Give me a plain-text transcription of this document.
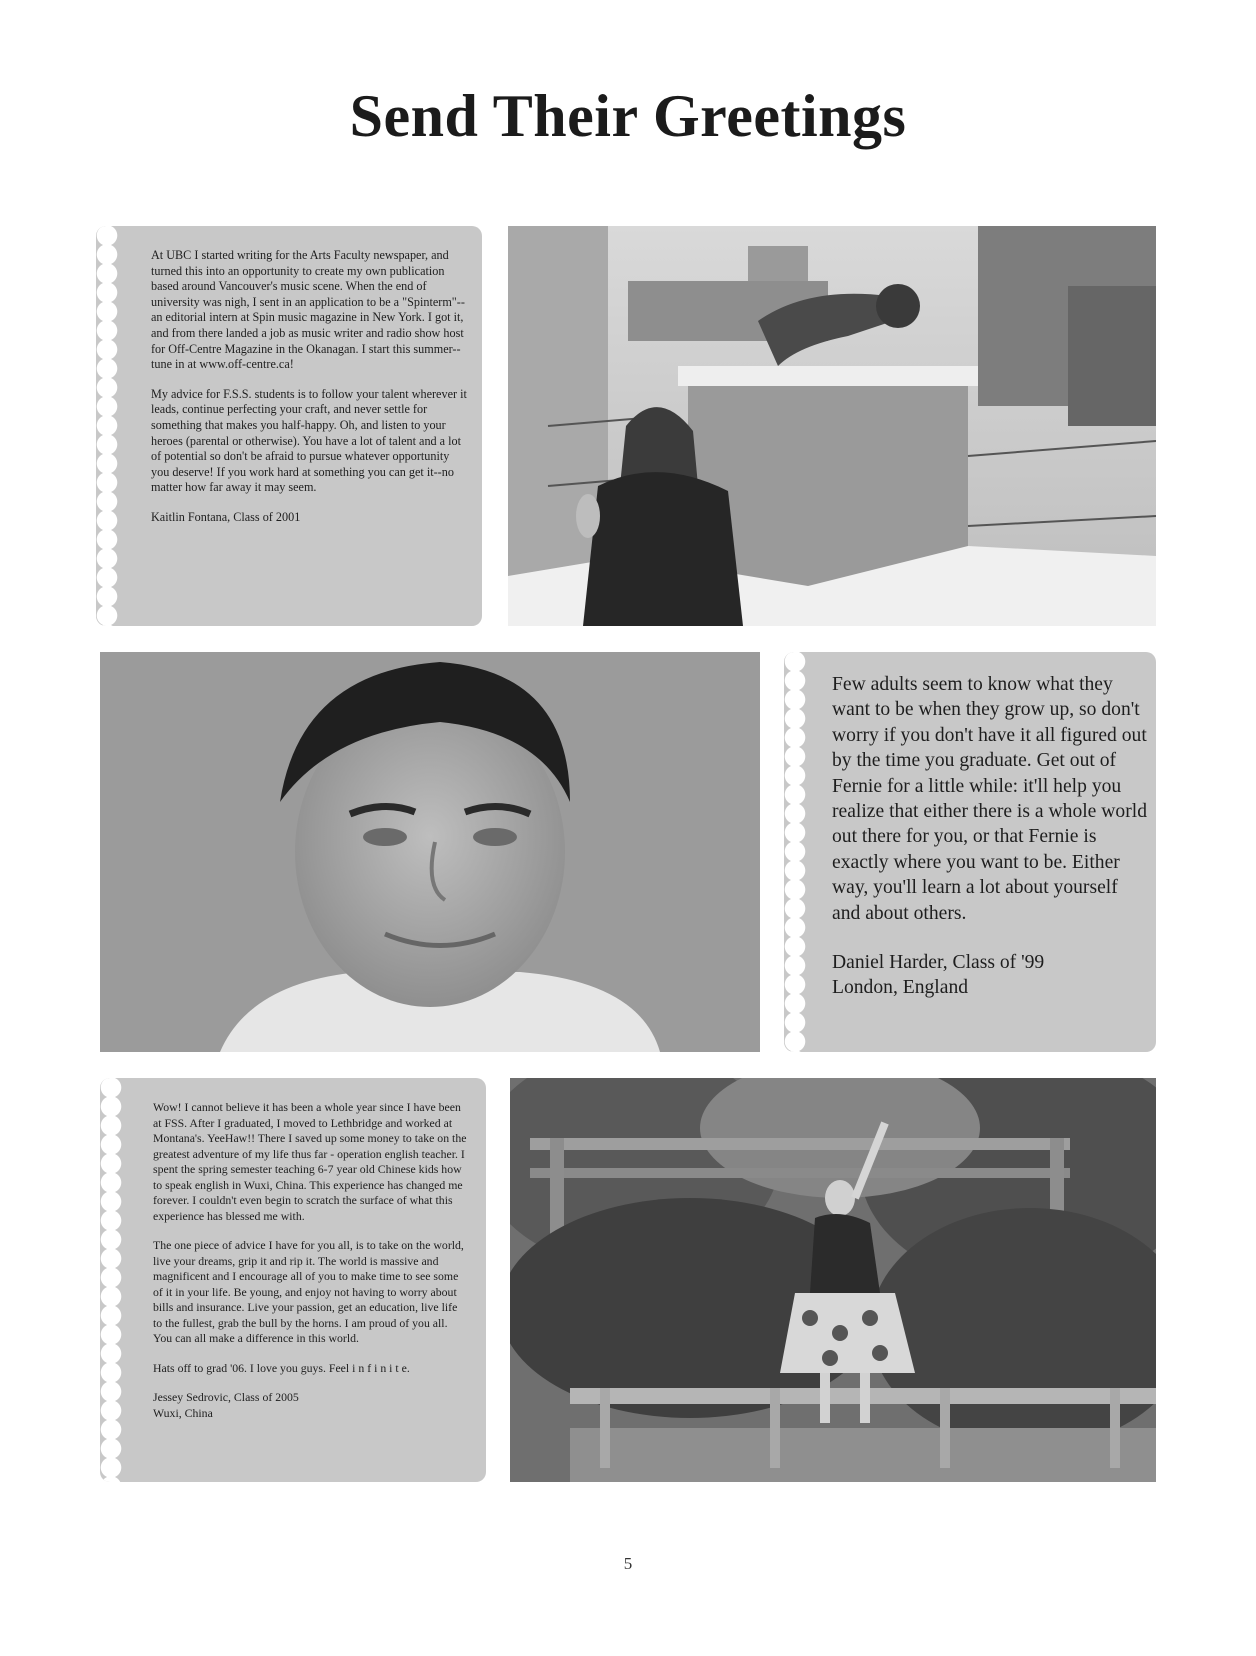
Send Their Greetings

At UBC I started writing for the Arts Faculty newspaper, and turned this into an opportunity to create my own publication based around Vancouver's music scene. When the end of university was nigh, I sent in an application to be a "Spinterm"--an editorial intern at Spin music magazine in New York. I got it, and from there landed a job as music writer and radio show host for Off-Centre Magazine in the Okanagan. I start this summer--tune in at www.off-centre.ca!

My advice for F.S.S. students is to follow your talent wherever it leads, continue perfecting your craft, and never settle for something that makes you half-happy. Oh, and listen to your heroes (parental or otherwise). You have a lot of talent and a lot of potential so don't be afraid to pursue whatever opportunity you deserve! If you work hard at something you can get it--no matter how far away it may seem.

Kaitlin Fontana, Class of 2001

Few adults seem to know what they want to be when they grow up, so don't worry if you don't have it all figured out by the time you graduate. Get out of Fernie for a little while: it'll help you realize that either there is a whole world out there for you, or that Fernie is exactly where you want to be. Either way, you'll learn a lot about yourself and about others.

Daniel Harder, Class of '99
London, England

Wow! I cannot believe it has been a whole year since I have been at FSS. After I graduated, I moved to Lethbridge and worked at Montana's. YeeHaw!! There I saved up some money to take on the greatest adventure of my life thus far - operation english teacher. I spent the spring semester teaching 6-7 year old Chinese kids how to speak english in Wuxi, China. This experience has changed me forever. I couldn't even begin to scratch the surface of what this experience has blessed me with.

The one piece of advice I have for you all, is to take on the world, live your dreams, grip it and rip it. The world is massive and magnificent and I encourage all of you to make time to see some of it in your life. Be young, and enjoy not having to worry about bills and insurance. Live your passion, get an education, live life to the fullest, grab the bull by the horns. I am proud of you all. You can all make a difference in this world.

Hats off to grad '06. I love you guys. Feel i n f i n i t e.

Jessey Sedrovic, Class of 2005
Wuxi, China

5
